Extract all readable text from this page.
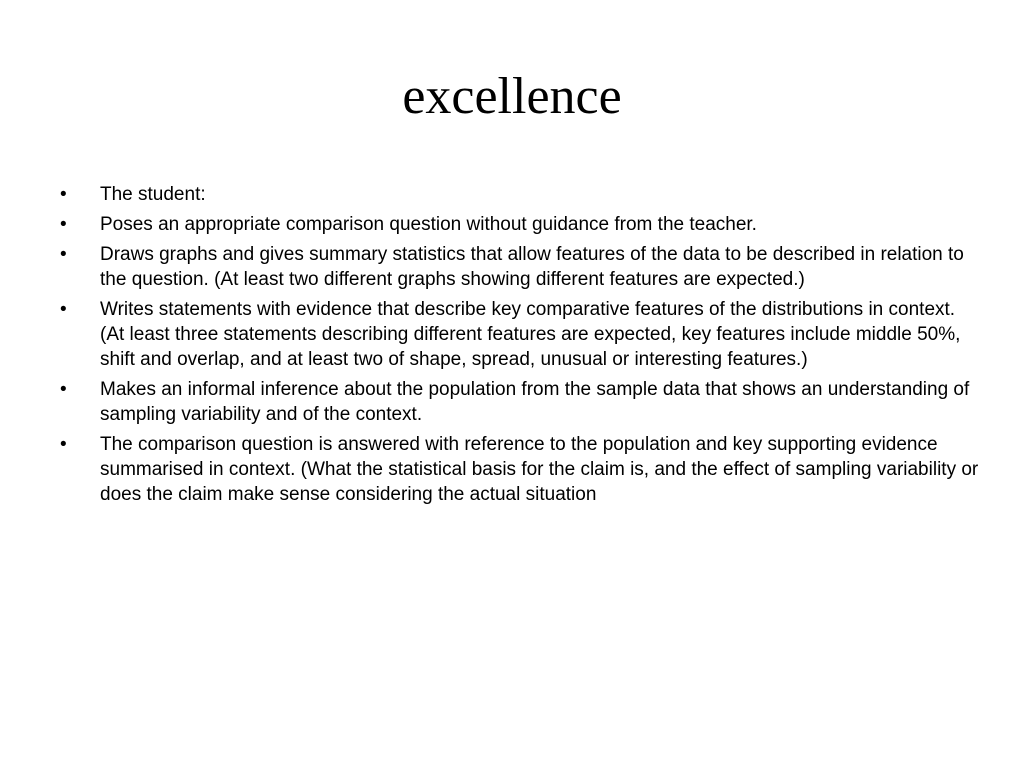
excellence
•	The student:
•	Poses an appropriate comparison question without guidance from the teacher.
•	Draws graphs and gives summary statistics that allow features of the data to be described in relation to the question. (At least two different graphs showing different features are expected.)
•	Writes statements with evidence that describe key comparative features of the distributions in context. (At least three statements describing different features are expected, key features include middle 50%, shift and overlap, and at least two of shape, spread, unusual or interesting features.)
•	Makes an informal inference about the population from the sample data that shows an understanding of sampling variability and of the context.
•	The comparison question is answered with reference to the population and key supporting evidence summarised in context. (What the statistical basis for the claim is, and the effect of sampling variability or does the claim make sense considering the actual situation
